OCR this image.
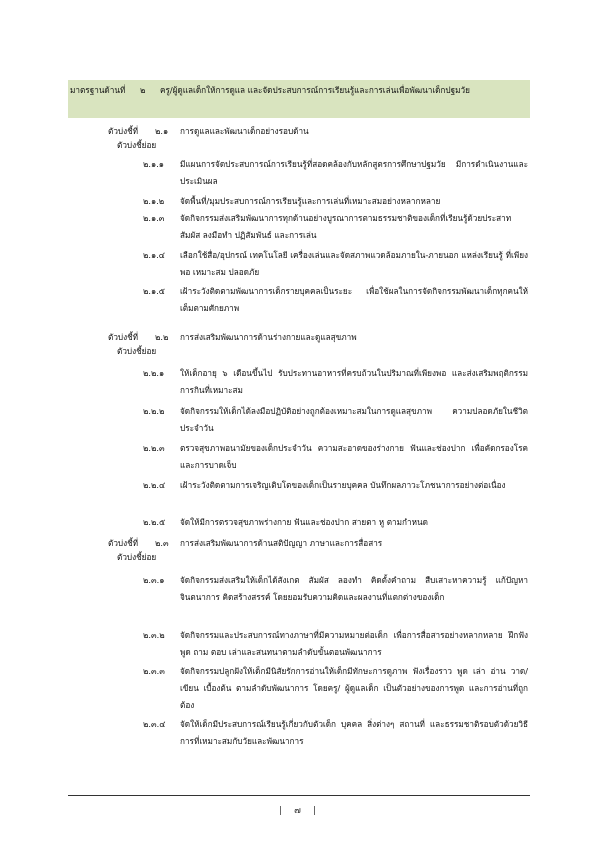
มาตรฐานด้านที่ ๒ ครู/ผู้ดูแลเด็กให้การดูแล และจัดประสบการณ์การเรียนรู้และการเล่นเพื่อพัฒนาเด็กปฐมวัย
ตัวบ่งชี้ที่ ๒.๑ การดูแลและพัฒนาเด็กอย่างรอบด้าน
ตัวบ่งชี้ย่อย
๒.๑.๑ มีแผนการจัดประสบการณ์การเรียนรู้ที่สอดคล้องกับหลักสูตรการศึกษาปฐมวัย มีการดำเนินงานและประเมินผล
๒.๑.๒ จัดพื้นที่/มุมประสบการณ์การเรียนรู้และการเล่นที่เหมาะสมอย่างหลากหลาย
๒.๑.๓ จัดกิจกรรมส่งเสริมพัฒนาการทุกด้านอย่างบูรณาการตามธรรมชาติของเด็กที่เรียนรู้ด้วยประสาทสัมผัส ลงมือทำ ปฏิสัมพันธ์ และการเล่น
๒.๑.๔ เลือกใช้สื่อ/อุปกรณ์ เทคโนโลยี เครื่องเล่นและจัดสภาพแวดล้อมภายใน-ภายนอก แหล่งเรียนรู้ ที่เพียงพอ เหมาะสม ปลอดภัย
๒.๑.๕ เฝ้าระวังติดตามพัฒนาการเด็กรายบุคคลเป็นระยะ เพื่อใช้ผลในการจัดกิจกรรมพัฒนาเด็กทุกคนให้เต็มตามศักยภาพ
ตัวบ่งชี้ที่ ๒.๒ การส่งเสริมพัฒนาการด้านร่างกายและดูแลสุขภาพ
ตัวบ่งชี้ย่อย
๒.๒.๑ ให้เด็กอายุ ๖ เดือนขึ้นไป รับประทานอาหารที่ครบถ้วนในปริมาณที่เพียงพอ และส่งเสริมพฤติกรรมการกินที่เหมาะสม
๒.๒.๒ จัดกิจกรรมให้เด็กได้ลงมือปฏิบัติอย่างถูกต้องเหมาะสมในการดูแลสุขภาพ ความปลอดภัยในชีวิตประจำวัน
๒.๒.๓ ตรวจสุขภาพอนามัยของเด็กประจำวัน ความสะอาดของร่างกาย ฟันและช่องปาก เพื่อคัดกรองโรคและการบาดเจ็บ
๒.๒.๔ เฝ้าระวังติดตามการเจริญเติบโตของเด็กเป็นรายบุคคล บันทึกผลภาวะโภชนาการอย่างต่อเนื่อง
๒.๒.๕ จัดให้มีการตรวจสุขภาพร่างกาย ฟันและช่องปาก สายตา หู ตามกำหนด
ตัวบ่งชี้ที่ ๒.๓ การส่งเสริมพัฒนาการด้านสติปัญญา ภาษาและการสื่อสาร
ตัวบ่งชี้ย่อย
๒.๓.๑ จัดกิจกรรมส่งเสริมให้เด็กได้สังเกต สัมผัส ลองทำ คิดตั้งคำถาม สืบเสาะหาความรู้ แก้ปัญหา จินตนาการ คิดสร้างสรรค์ โดยยอมรับความคิดและผลงานที่แตกต่างของเด็ก
๒.๓.๒ จัดกิจกรรมและประสบการณ์ทางภาษาที่มีความหมายต่อเด็ก เพื่อการสื่อสารอย่างหลากหลาย ฝึกฟัง พูด ถาม ตอบ เล่าและสนทนาตามลำดับขั้นตอนพัฒนาการ
๒.๓.๓ จัดกิจกรรมปลูกฝังให้เด็กมีนิสัยรักการอ่านให้เด็กมีทักษะการดูภาพ ฟังเรื่องราว พูด เล่า อ่าน วาด/เขียน เบื้องต้น ตามลำดับพัฒนาการ โดยครู/ ผู้ดูแลเด็ก เป็นตัวอย่างของการพูด และการอ่านที่ถูกต้อง
๒.๓.๔ จัดให้เด็กมีประสบการณ์เรียนรู้เกี่ยวกับตัวเด็ก บุคคล สิ่งต่างๆ สถานที่ และธรรมชาติรอบตัวด้วยวิธีการที่เหมาะสมกับวัยและพัฒนาการ
| ๗ |
